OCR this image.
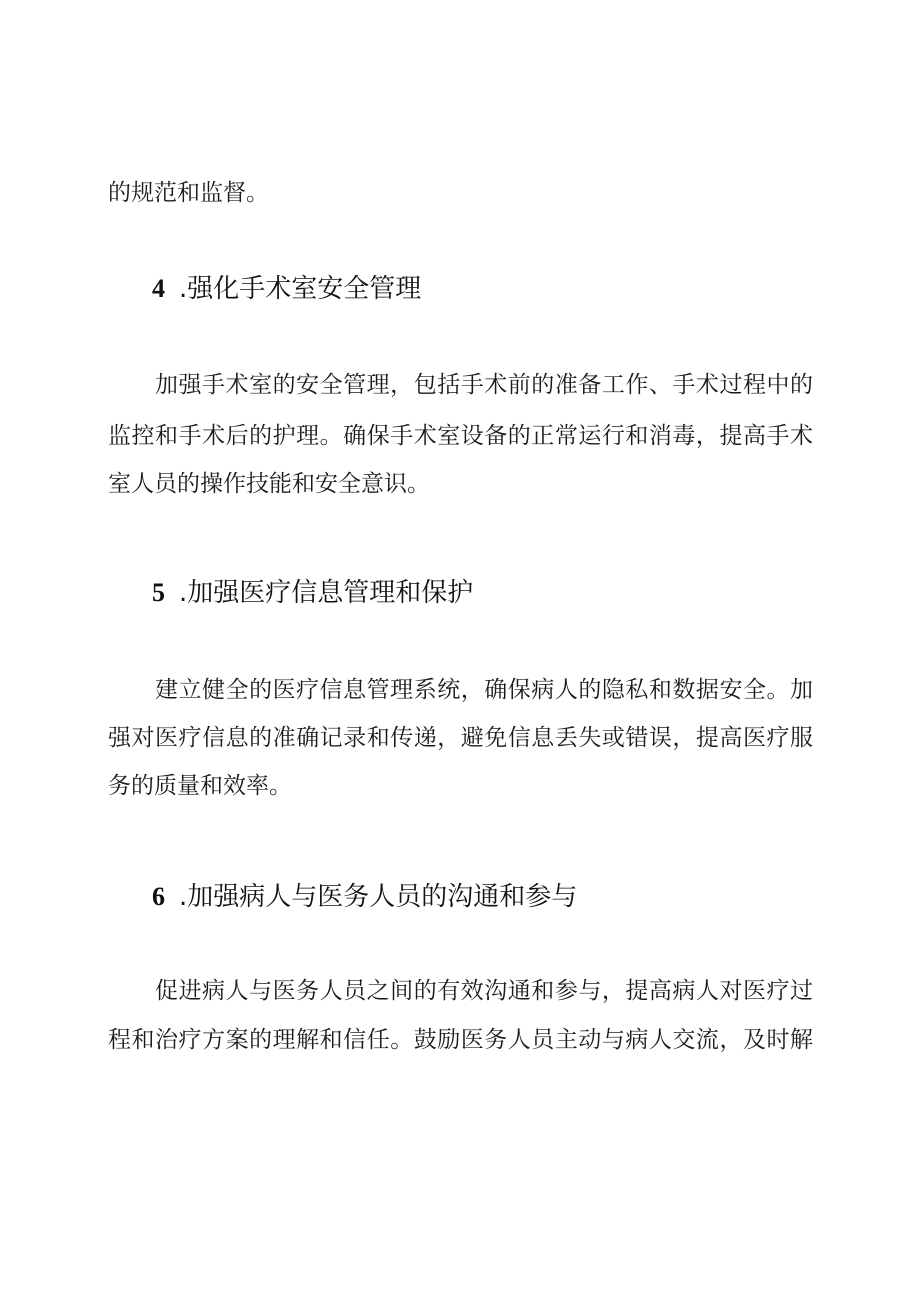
的规范和监督。
4 .强化手术室安全管理
加强手术室的安全管理，包括手术前的准备工作、手术过程中的
监控和手术后的护理。确保手术室设备的正常运行和消毒，提高手术
室人员的操作技能和安全意识。
5 .加强医疗信息管理和保护
建立健全的医疗信息管理系统，确保病人的隐私和数据安全。加
强对医疗信息的准确记录和传递，避免信息丢失或错误，提高医疗服
务的质量和效率。
6 .加强病人与医务人员的沟通和参与
促进病人与医务人员之间的有效沟通和参与，提高病人对医疗过
程和治疗方案的理解和信任。鼓励医务人员主动与病人交流，及时解
